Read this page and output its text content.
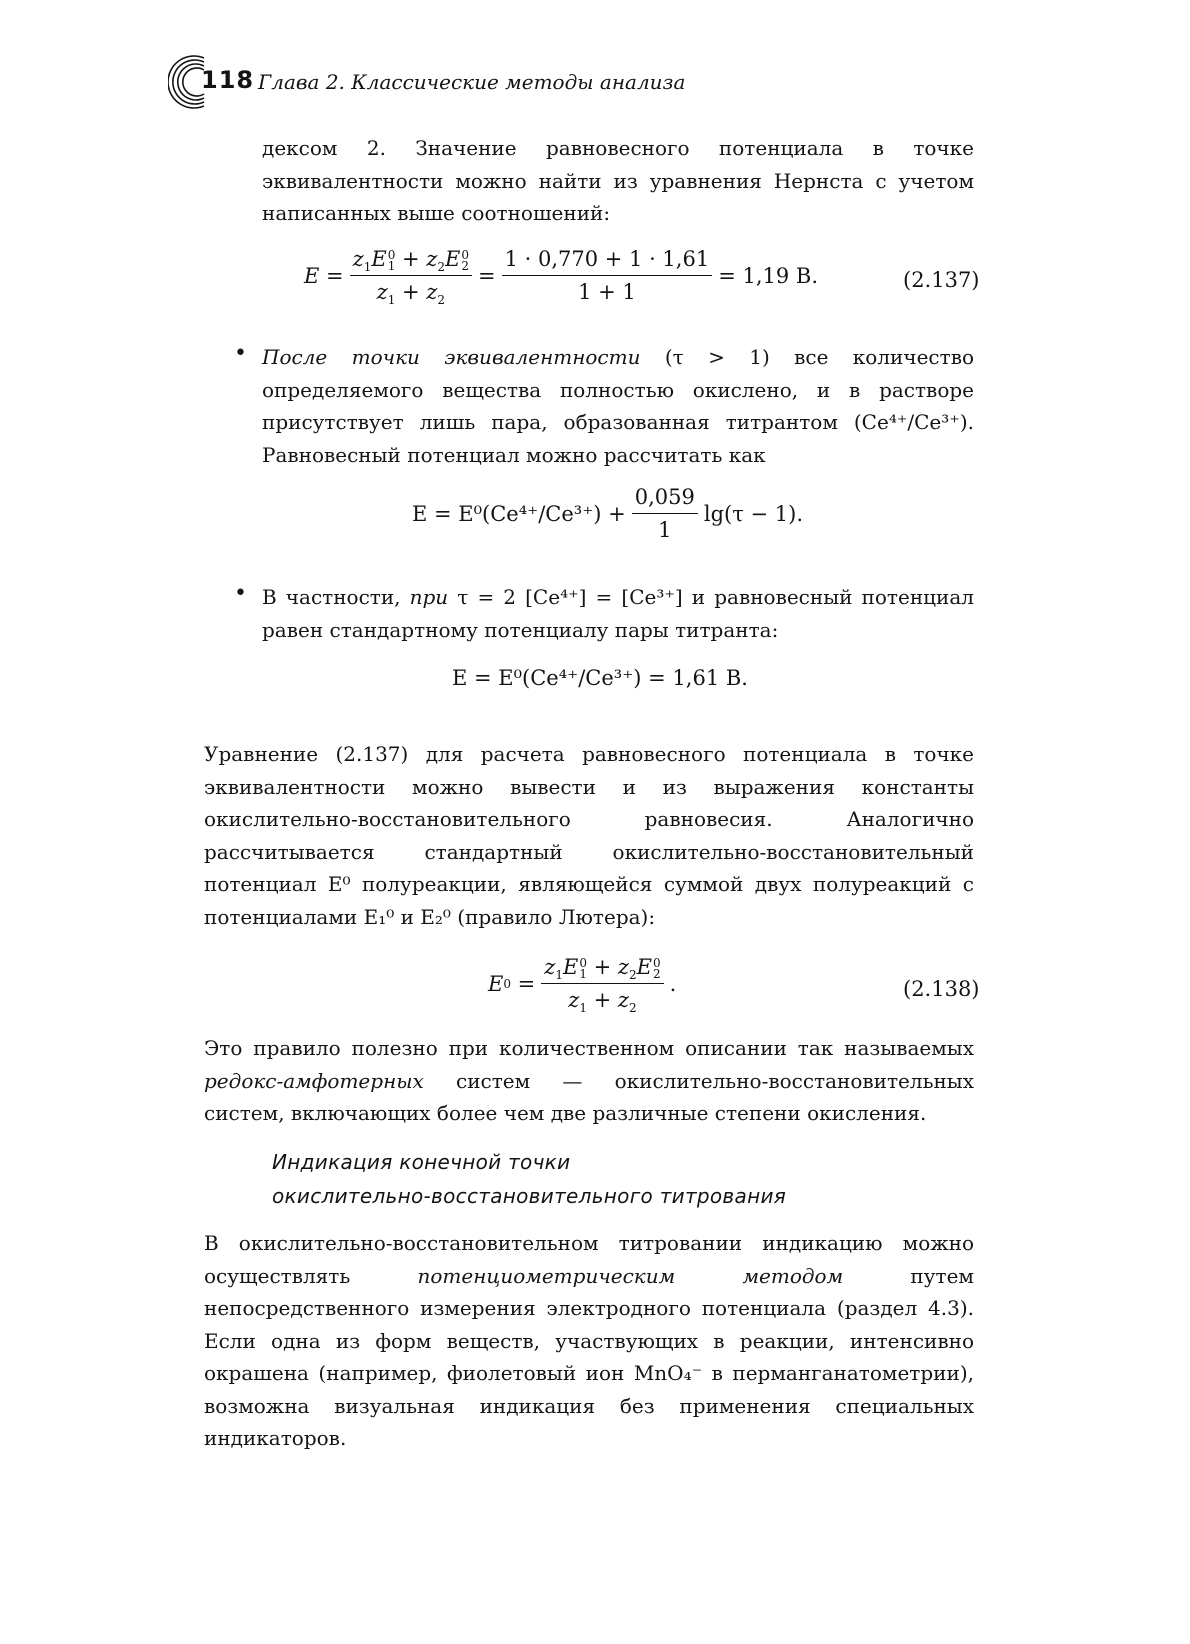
118 Глава 2. Классические методы анализа
дексом 2. Значение равновесного потенциала в точке эквивалентности можно найти из уравнения Нернста с учетом написанных выше соотношений:
$E = z_1E$ 0
$1 + z_2E$ 0
2
$z_1 + z_2 = \frac{1 \cdot 0,770 + 1 \cdot 1,61}{1 + 1} = 1,19$ В.	(2.137)
• После точки эквивалентности (τ > 1) все количество определяемого вещества полностью окислено, и в растворе присутствует лишь пара, образованная титрантом (Ce⁴⁺/Ce³⁺). Равновесный потенциал можно рассчитать как
$E = E^0(Ce^{4+}/Ce^{3+}) + \frac{0,059}{1} \lg(\tau - 1)$.
• В частности, при τ = 2 [Ce⁴⁺] = [Ce³⁺] и равновесный потенциал равен стандартному потенциалу пары титранта:
E = E⁰(Ce⁴⁺/Ce³⁺) = 1,61 В.
Уравнение (2.137) для расчета равновесного потенциала в точке эквивалентности можно вывести и из выражения константы окислительно-восстановительного равновесия. Аналогично рассчитывается стандартный окислительно-восстановительный потенциал E⁰ полуреакции, являющейся суммой двух полуреакций с потенциалами E₁⁰ и E₂⁰ (правило Лютера):
E $0 = z_1E$ 0
$1 + z_2E$ 0
2
$z_1 + z_2$ .	(2.138)
Это правило полезно при количественном описании так называемых редокс-амфотерных систем — окислительно-восстановительных систем, включающих более чем две различные степени окисления.
Индикация конечной точки
окислительно-восстановительного титрования
В окислительно-восстановительном титровании индикацию можно осуществлять потенциометрическим методом путем непосредственного измерения электродного потенциала (раздел 4.3). Если одна из форм веществ, участвующих в реакции, интенсивно окрашена (например, фиолетовый ион MnO₄⁻ в перманганатометрии), возможна визуальная индикация без применения специальных индикаторов.
